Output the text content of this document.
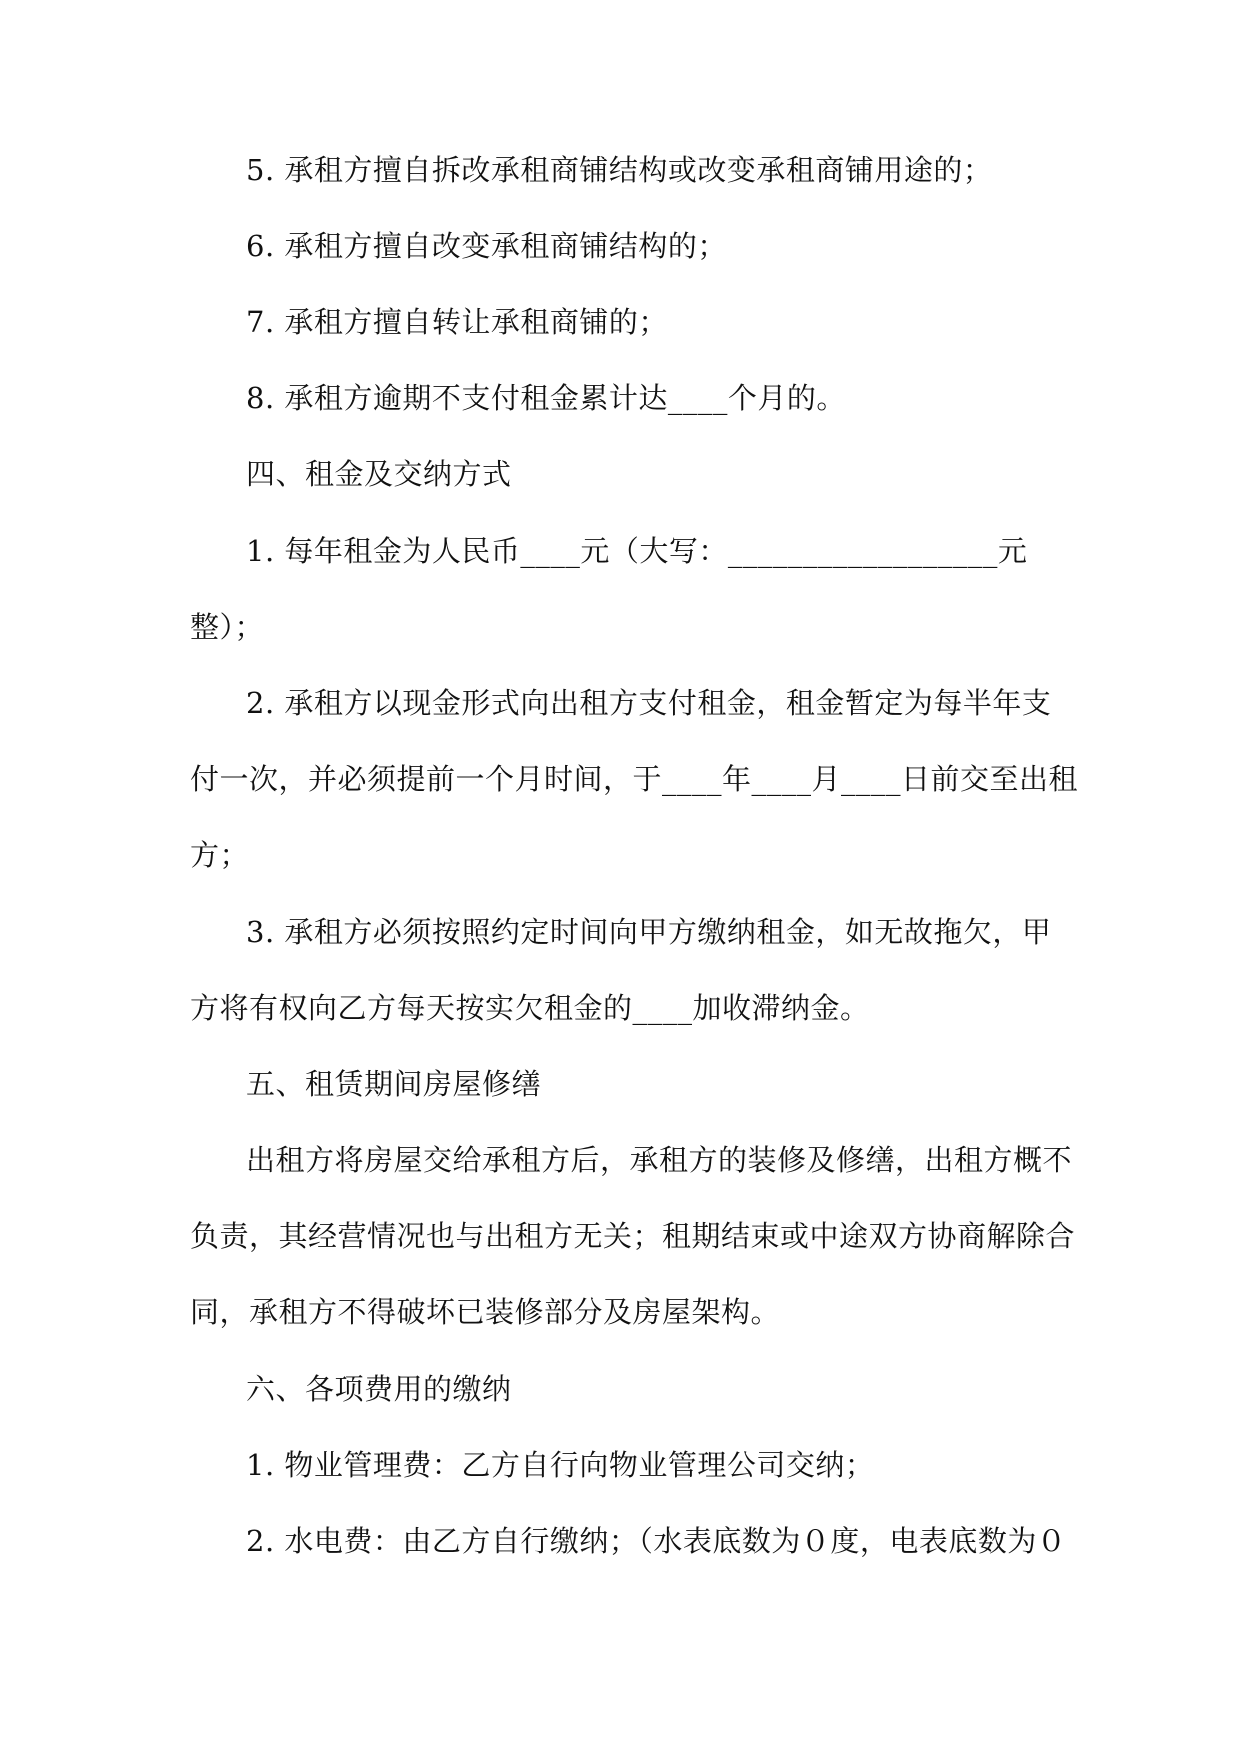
5. 承租方擅自拆改承租商铺结构或改变承租商铺用途的；
6. 承租方擅自改变承租商铺结构的；
7. 承租方擅自转让承租商铺的；
8. 承租方逾期不支付租金累计达____个月的。
四、租金及交纳方式
1. 每年租金为人民币____元（大写：__________________元
整）；
2. 承租方以现金形式向出租方支付租金，租金暂定为每半年支
付一次，并必须提前一个月时间，于____年____月____日前交至出租
方；
3. 承租方必须按照约定时间向甲方缴纳租金，如无故拖欠，甲
方将有权向乙方每天按实欠租金的____加收滞纳金。
五、租赁期间房屋修缮
出租方将房屋交给承租方后，承租方的装修及修缮，出租方概不
负责，其经营情况也与出租方无关；租期结束或中途双方协商解除合
同，承租方不得破坏已装修部分及房屋架构。
六、各项费用的缴纳
1. 物业管理费：乙方自行向物业管理公司交纳；
2. 水电费：由乙方自行缴纳；（水表底数为０度，电表底数为０
